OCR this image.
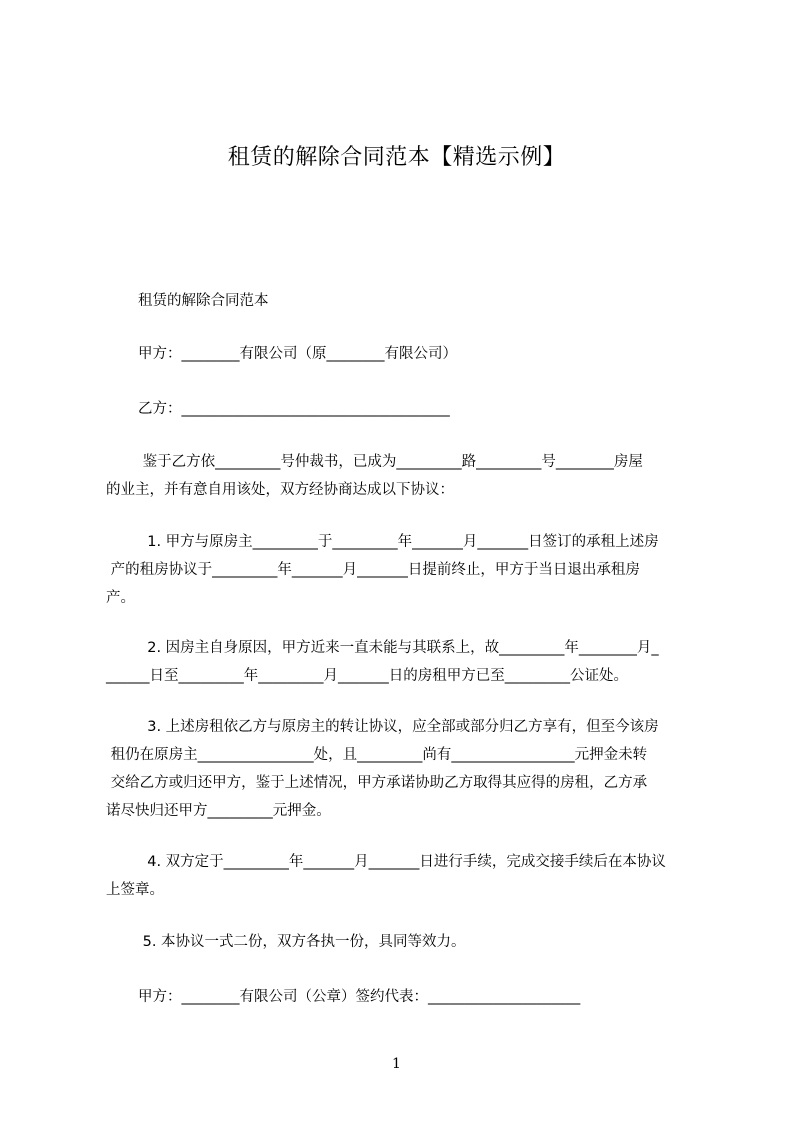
租赁的解除合同范本【精选示例】
租赁的解除合同范本
甲方：________有限公司（原________有限公司）
乙方：_____________________________________
鉴于乙方依_________号仲裁书，已成为_________路_________号________房屋
的业主，并有意自用该处，双方经协商达成以下协议：
1. 甲方与原房主_________于_________年_______月_______日签订的承租上述房
产的租房协议于_________年_______月_______日提前终止，甲方于当日退出承租房
产。
2. 因房主自身原因，甲方近来一直未能与其联系上，故_________年________月_
______日至_________年_________月_______日的房租甲方已至_________公证处。
3. 上述房租依乙方与原房主的转让协议，应全部或部分归乙方享有，但至今该房
租仍在原房主________________处，且_________尚有_________________元押金未转
交给乙方或归还甲方，鉴于上述情况，甲方承诺协助乙方取得其应得的房租，乙方承
诺尽快归还甲方_________元押金。
4. 双方定于_________年_______月_______日进行手续，完成交接手续后在本协议
上签章。
5. 本协议一式二份，双方各执一份，具同等效力。
甲方：________有限公司（公章）签约代表：_____________________
1
